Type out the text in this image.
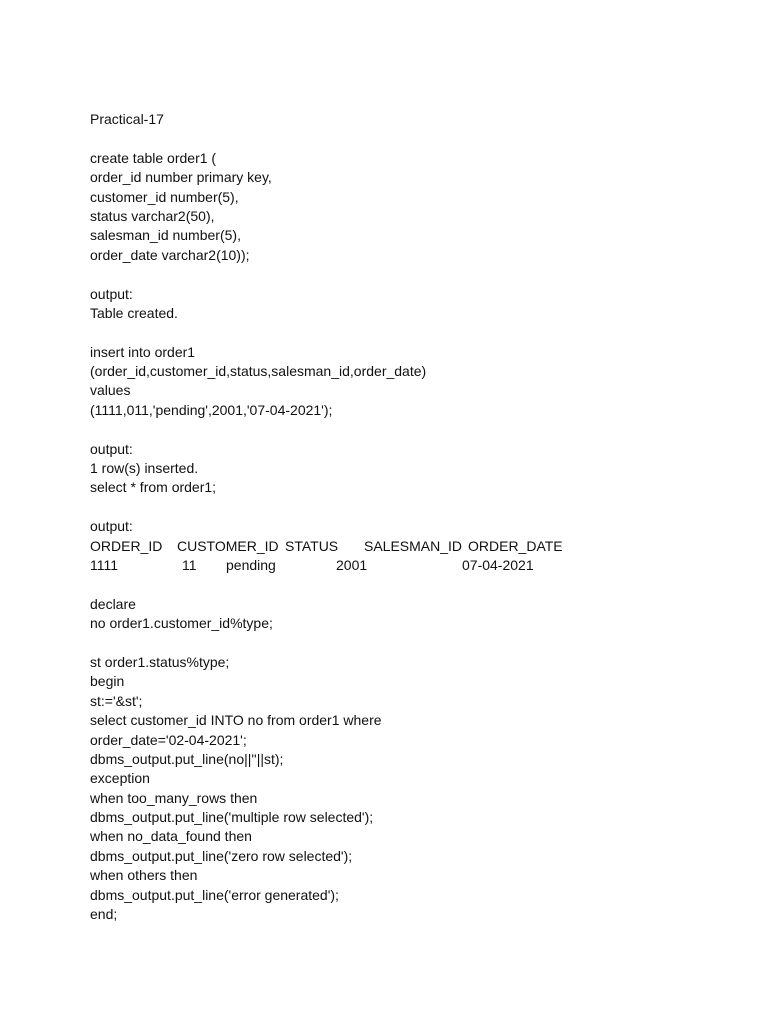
Practical-17
create table order1 (
order_id number primary key,
customer_id number(5),
status varchar2(50),
salesman_id number(5),
order_date varchar2(10));
output:
Table created.
insert into order1
(order_id,customer_id,status,salesman_id,order_date)
values
(1111,011,'pending',2001,'07-04-2021');
output:
1 row(s) inserted.
select * from order1;
output:
ORDER_ID CUSTOMER_ID STATUS SALESMAN_ID ORDER_DATE
1111	11 pending	2001	07-04-2021
declare
no order1.customer_id%type;
st order1.status%type;
begin
st:='&st';
select customer_id INTO no from order1 where
order_date='02-04-2021';
dbms_output.put_line(no||''||st);
exception
when too_many_rows then
dbms_output.put_line('multiple row selected');
when no_data_found then
dbms_output.put_line('zero row selected');
when others then
dbms_output.put_line('error generated');
end;
